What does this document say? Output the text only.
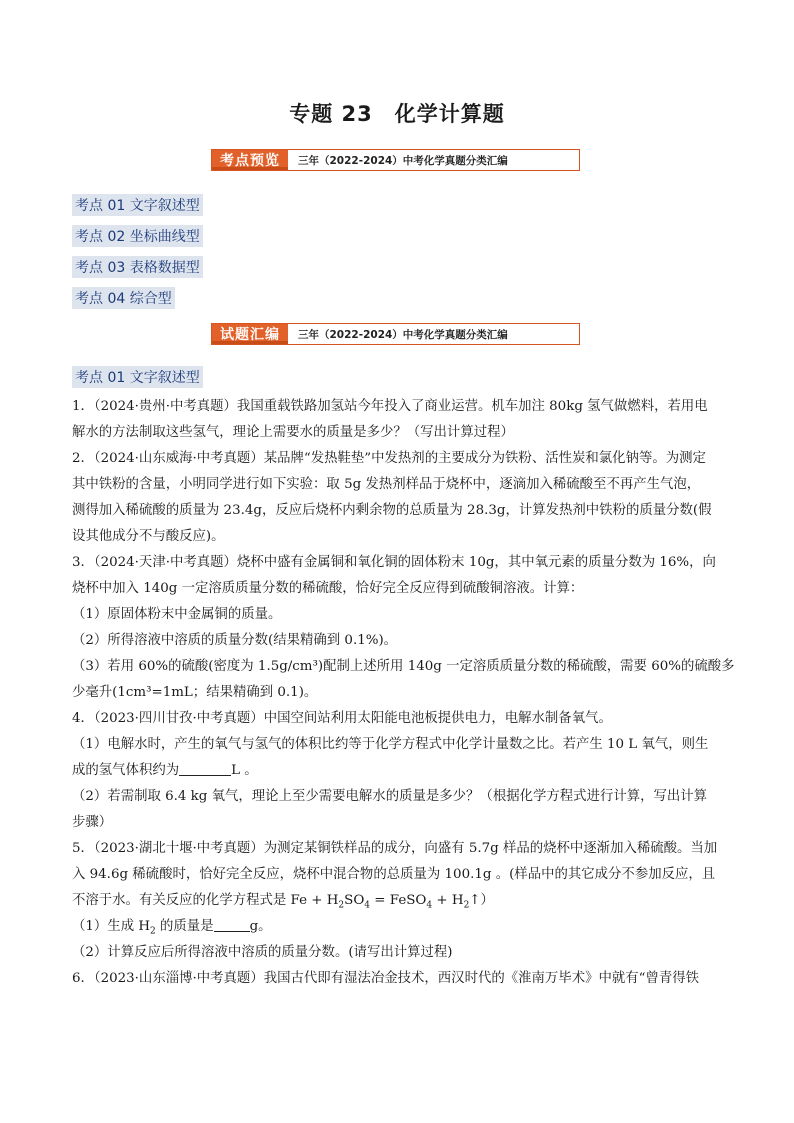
专题 23　化学计算题
考点预览	三年（2022-2024）中考化学真题分类汇编
考点 01 文字叙述型
考点 02 坐标曲线型
考点 03 表格数据型
考点 04 综合型
试题汇编	三年（2022-2024）中考化学真题分类汇编
考点 01 文字叙述型
1．（2024·贵州·中考真题）我国重载铁路加氢站今年投入了商业运营。机车加注 80kg 氢气做燃料，若用电
解水的方法制取这些氢气，理论上需要水的质量是多少？（写出计算过程）
2．（2024·山东威海·中考真题）某品牌“发热鞋垫”中发热剂的主要成分为铁粉、活性炭和氯化钠等。为测定
其中铁粉的含量，小明同学进行如下实验：取 5g 发热剂样品于烧杯中，逐滴加入稀硫酸至不再产生气泡，
测得加入稀硫酸的质量为 23.4g，反应后烧杯内剩余物的总质量为 28.3g，计算发热剂中铁粉的质量分数(假
设其他成分不与酸反应)。
3．（2024·天津·中考真题）烧杯中盛有金属铜和氧化铜的固体粉末 10g，其中氧元素的质量分数为 16%，向
烧杯中加入 140g 一定溶质质量分数的稀硫酸，恰好完全反应得到硫酸铜溶液。计算：
（1）原固体粉末中金属铜的质量。
（2）所得溶液中溶质的质量分数(结果精确到 0.1%)。
（3）若用 60%的硫酸(密度为 1.5g/cm³)配制上述所用 140g 一定溶质质量分数的稀硫酸，需要 60%的硫酸多
少毫升(1cm³=1mL；结果精确到 0.1)。
4．（2023·四川甘孜·中考真题）中国空间站利用太阳能电池板提供电力，电解水制备氧气。
（1）电解水时，产生的氧气与氢气的体积比约等于化学方程式中化学计量数之比。若产生 10 L 氧气，则生
成的氢气体积约为	L 。
（2）若需制取 6.4 kg 氧气，理论上至少需要电解水的质量是多少？（根据化学方程式进行计算，写出计算
步骤）
5．（2023·湖北十堰·中考真题）为测定某铜铁样品的成分，向盛有 5.7g 样品的烧杯中逐渐加入稀硫酸。当加
入 94.6g 稀硫酸时，恰好完全反应，烧杯中混合物的总质量为 100.1g 。(样品中的其它成分不参加反应，且
不溶于水。有关反应的化学方程式是 $Fe + H_2SO_4$ = FeSO$_4$ + $H_2↑$）
（1）生成 $H_2$ 的质量是	g。
（2）计算反应后所得溶液中溶质的质量分数。(请写出计算过程)
6．（2023·山东淄博·中考真题）我国古代即有湿法冶金技术，西汉时代的《淮南万毕术》中就有“曾青得铁
